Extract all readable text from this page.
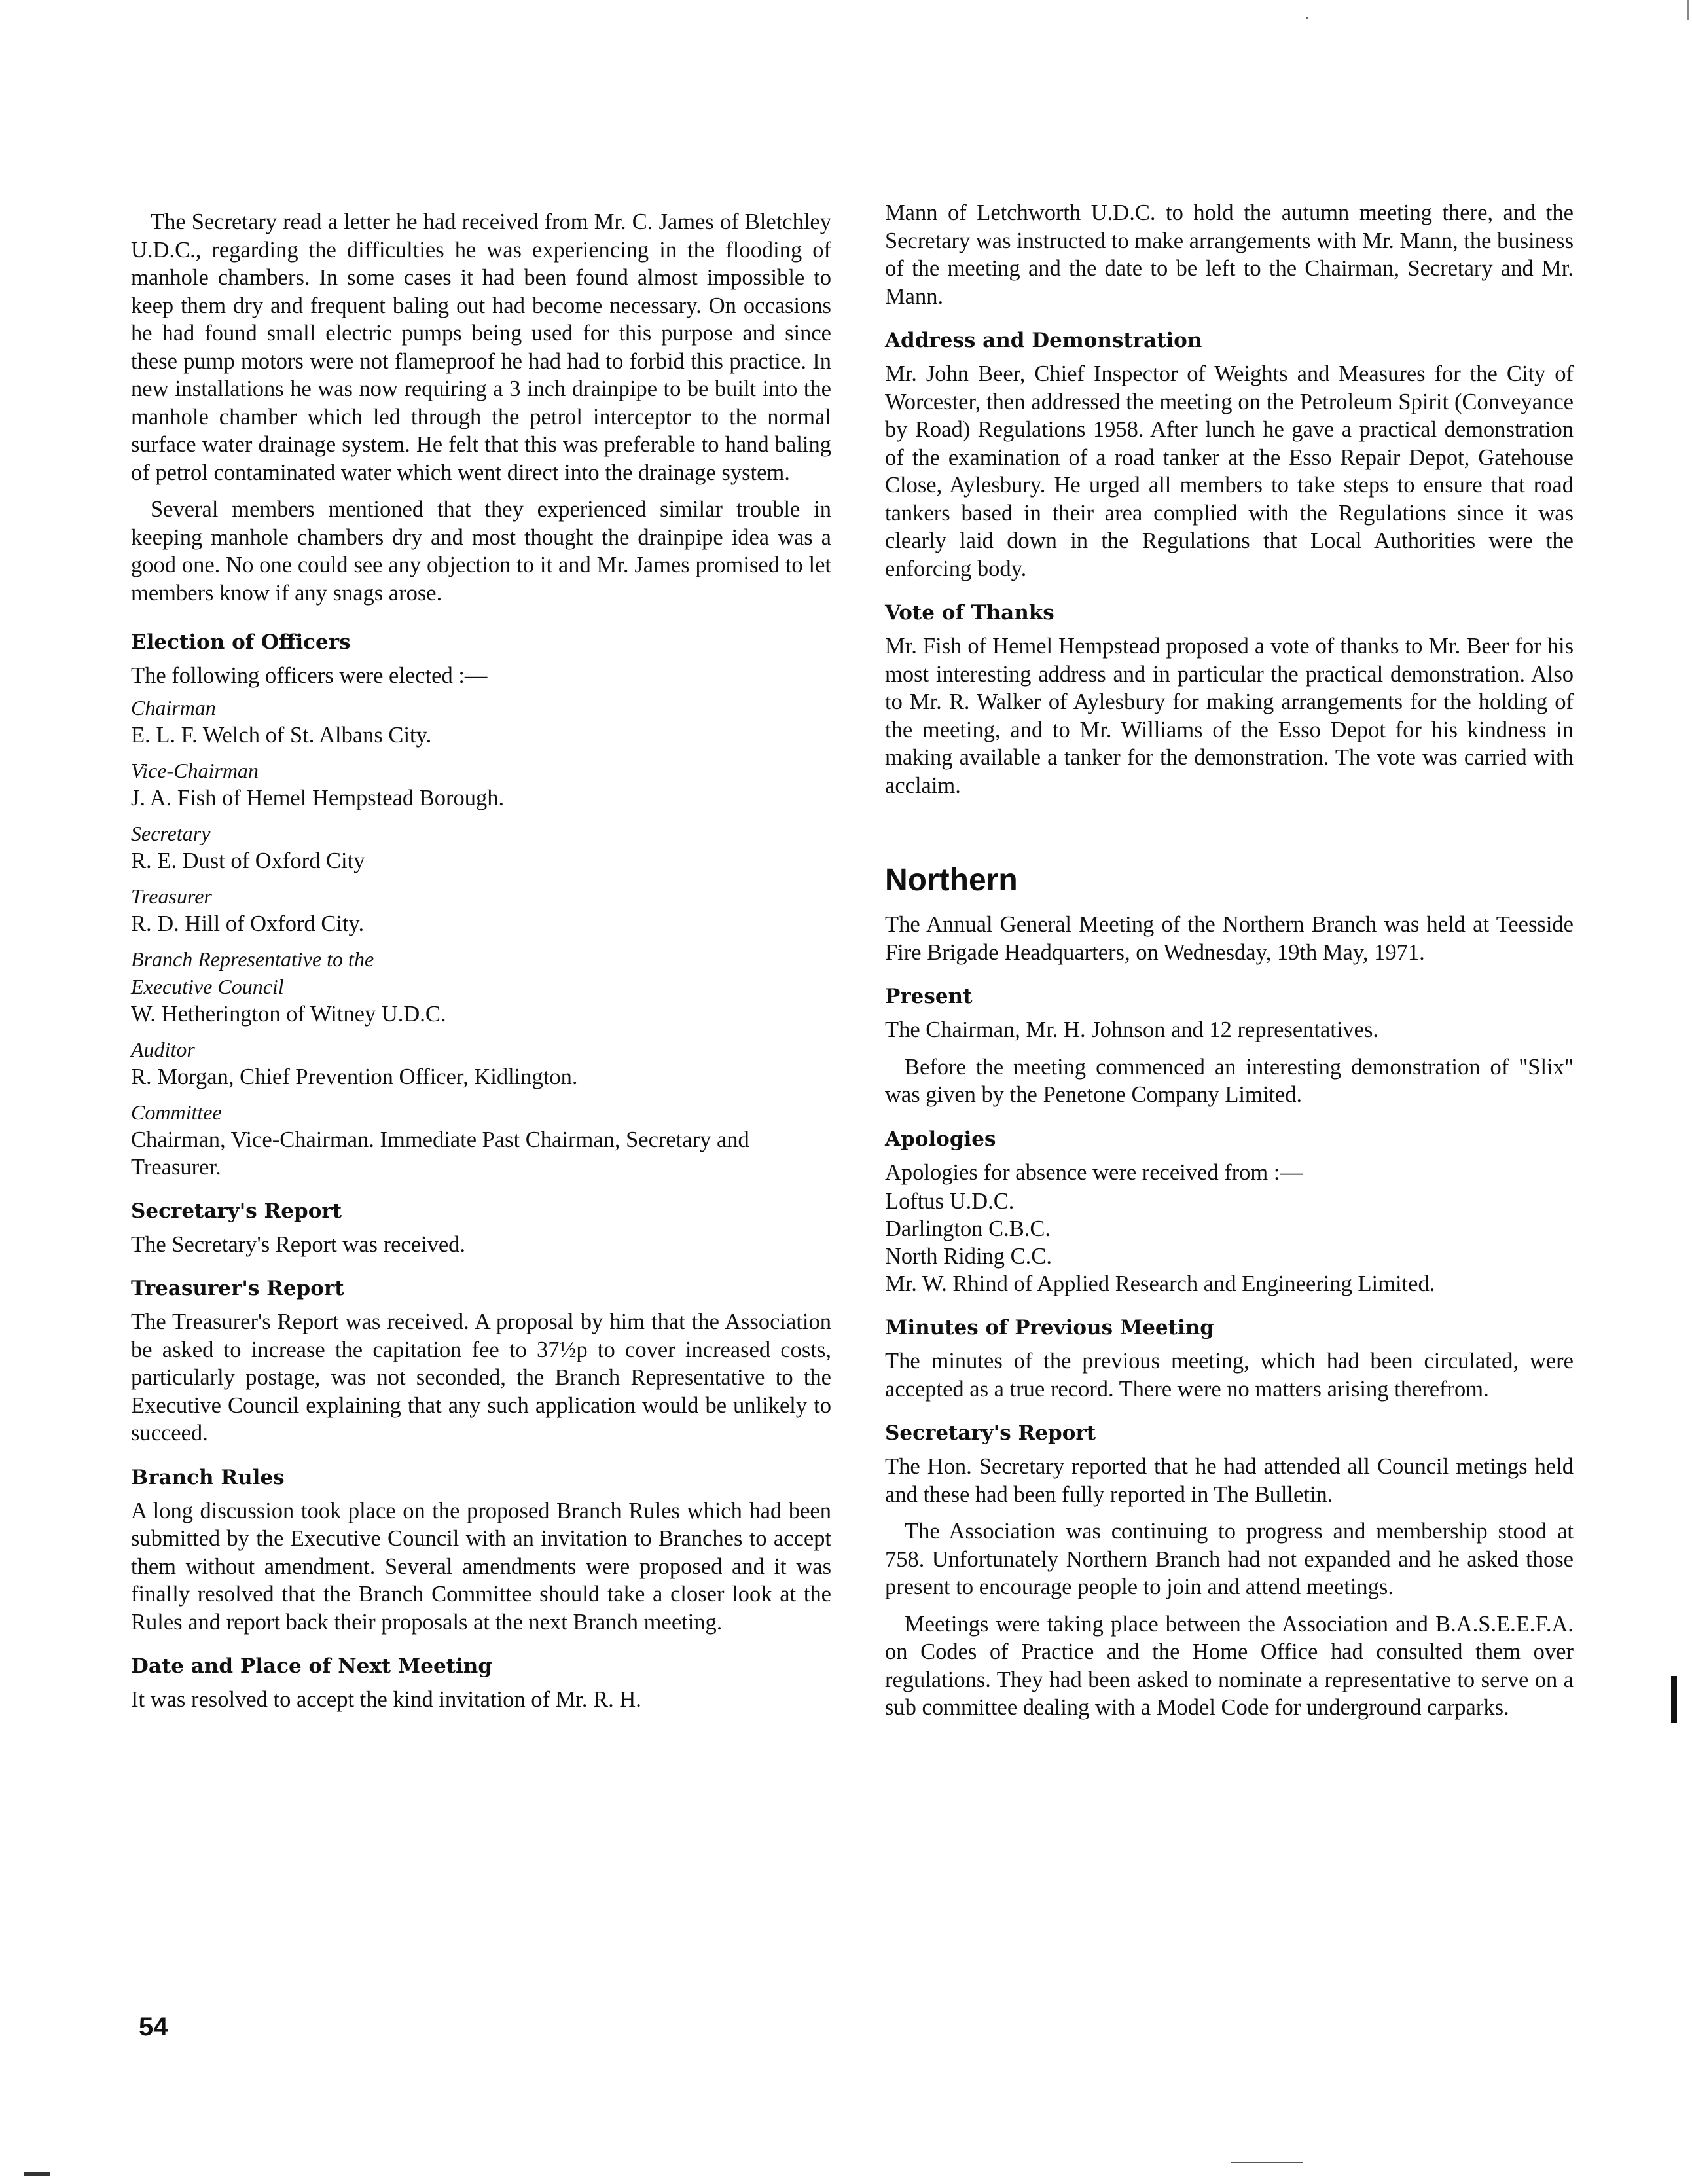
The Secretary read a letter he had received from Mr. C. James of Bletchley U.D.C., regarding the difficulties he was experiencing in the flooding of manhole chambers. In some cases it had been found almost impossible to keep them dry and frequent baling out had become necessary. On occasions he had found small electric pumps being used for this purpose and since these pump motors were not flameproof he had had to forbid this practice. In new installations he was now requiring a 3 inch drainpipe to be built into the manhole chamber which led through the petrol interceptor to the normal surface water drainage system. He felt that this was preferable to hand baling of petrol contaminated water which went direct into the drainage system.

Several members mentioned that they experienced similar trouble in keeping manhole chambers dry and most thought the drainpipe idea was a good one. No one could see any objection to it and Mr. James promised to let members know if any snags arose.

Election of Officers

The following officers were elected :—

Chairman
E. L. F. Welch of St. Albans City.
Vice-Chairman
J. A. Fish of Hemel Hempstead Borough.
Secretary
R. E. Dust of Oxford City
Treasurer
R. D. Hill of Oxford City.
Branch Representative to the
Executive Council
W. Hetherington of Witney U.D.C.
Auditor
R. Morgan, Chief Prevention Officer, Kidlington.
Committee
Chairman, Vice-Chairman. Immediate Past Chairman, Secretary and Treasurer.
Secretary's Report

The Secretary's Report was received.

Treasurer's Report

The Treasurer's Report was received. A proposal by him that the Association be asked to increase the capitation fee to 37½p to cover increased costs, particularly postage, was not seconded, the Branch Representative to the Executive Council explaining that any such application would be unlikely to succeed.

Branch Rules

A long discussion took place on the proposed Branch Rules which had been submitted by the Executive Council with an invitation to Branches to accept them without amendment. Several amendments were proposed and it was finally resolved that the Branch Committee should take a closer look at the Rules and report back their proposals at the next Branch meeting.

Date and Place of Next Meeting

It was resolved to accept the kind invitation of Mr. R. H.

Mann of Letchworth U.D.C. to hold the autumn meeting there, and the Secretary was instructed to make arrangements with Mr. Mann, the business of the meeting and the date to be left to the Chairman, Secretary and Mr. Mann.

Address and Demonstration

Mr. John Beer, Chief Inspector of Weights and Measures for the City of Worcester, then addressed the meeting on the Petroleum Spirit (Conveyance by Road) Regulations 1958. After lunch he gave a practical demonstration of the examination of a road tanker at the Esso Repair Depot, Gatehouse Close, Aylesbury. He urged all members to take steps to ensure that road tankers based in their area complied with the Regulations since it was clearly laid down in the Regulations that Local Authorities were the enforcing body.

Vote of Thanks

Mr. Fish of Hemel Hempstead proposed a vote of thanks to Mr. Beer for his most interesting address and in particular the practical demonstration. Also to Mr. R. Walker of Aylesbury for making arrangements for the holding of the meeting, and to Mr. Williams of the Esso Depot for his kindness in making available a tanker for the demonstration. The vote was carried with acclaim.

Northern

The Annual General Meeting of the Northern Branch was held at Teesside Fire Brigade Headquarters, on Wednesday, 19th May, 1971.

Present

The Chairman, Mr. H. Johnson and 12 representatives.

Before the meeting commenced an interesting demonstration of "Slix" was given by the Penetone Company Limited.

Apologies

Apologies for absence were received from :—

Loftus U.D.C.
Darlington C.B.C.
North Riding C.C.
Mr. W. Rhind of Applied Research and Engineering Limited.
Minutes of Previous Meeting

The minutes of the previous meeting, which had been circulated, were accepted as a true record. There were no matters arising therefrom.

Secretary's Report

The Hon. Secretary reported that he had attended all Council metings held and these had been fully reported in The Bulletin.

The Association was continuing to progress and membership stood at 758. Unfortunately Northern Branch had not expanded and he asked those present to encourage people to join and attend meetings.

Meetings were taking place between the Association and B.A.S.E.E.F.A. on Codes of Practice and the Home Office had consulted them over regulations. They had been asked to nominate a representative to serve on a sub committee dealing with a Model Code for underground carparks.

54
